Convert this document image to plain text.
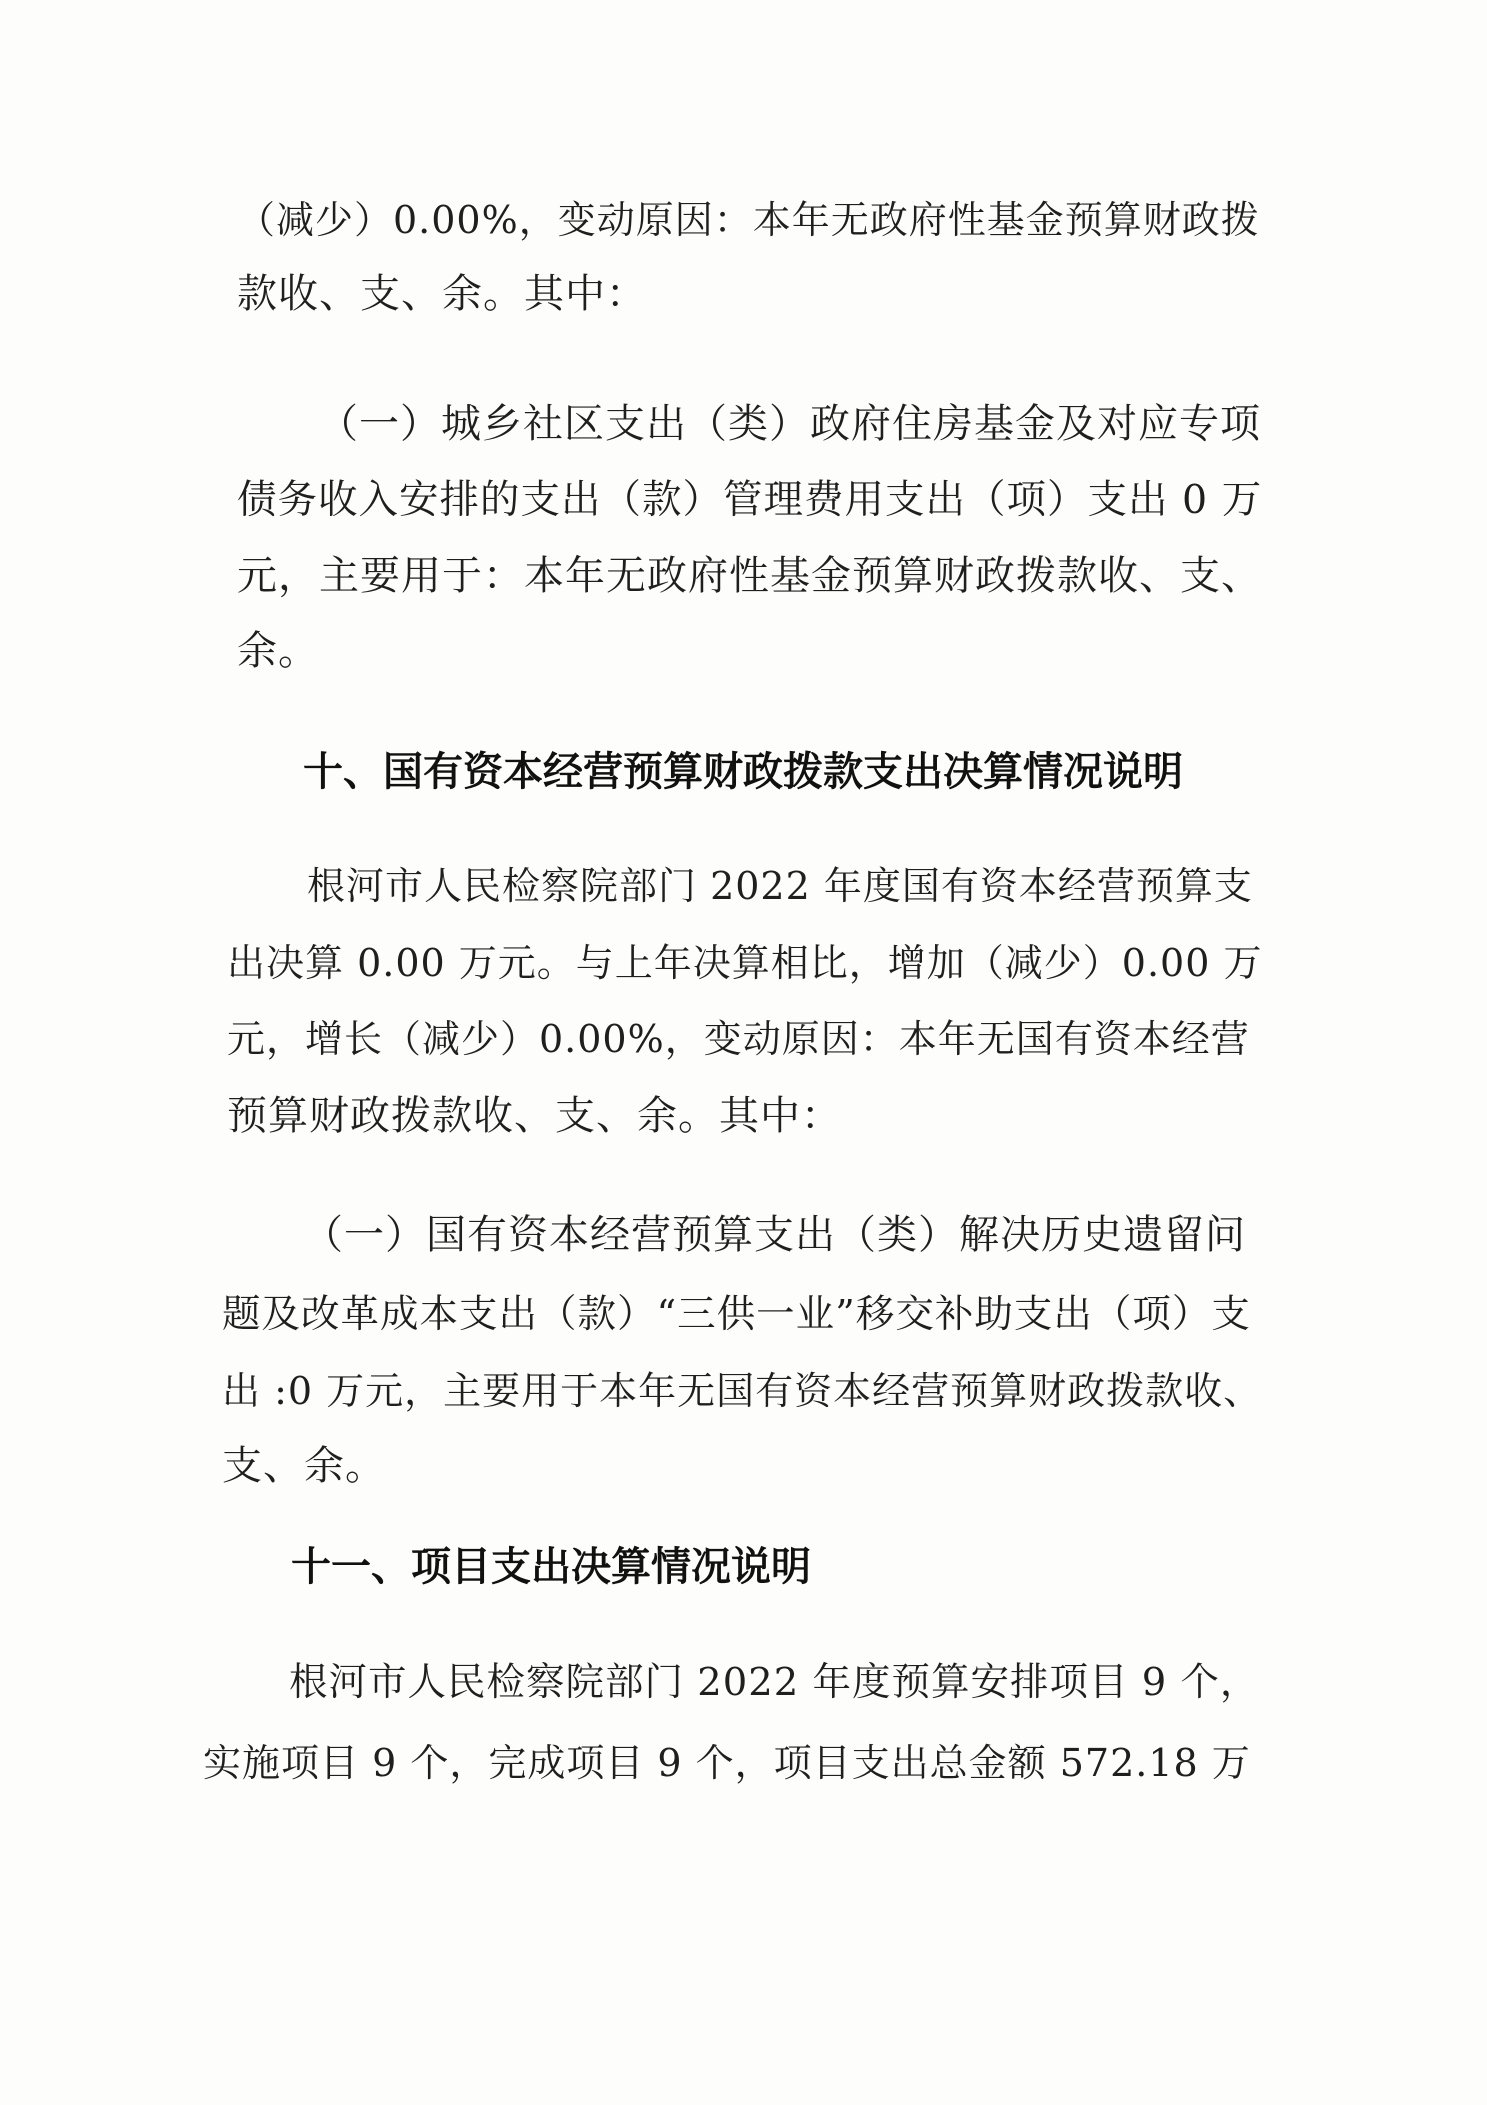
（减少）0.00%，变动原因：本年无政府性基金预算财政拨
款收、支、余。其中：
（一）城乡社区支出（类）政府住房基金及对应专项
债务收入安排的支出（款）管理费用支出（项）支出 0 万
元，主要用于：本年无政府性基金预算财政拨款收、支、
余。
十、国有资本经营预算财政拨款支出决算情况说明
根河市人民检察院部门 2022 年度国有资本经营预算支
出决算 0.00 万元。与上年决算相比，增加（减少）0.00 万
元，增长（减少）0.00%，变动原因：本年无国有资本经营
预算财政拨款收、支、余。其中：
（一）国有资本经营预算支出（类）解决历史遗留问
题及改革成本支出（款）“三供一业”移交补助支出（项）支
出 :0 万元，主要用于本年无国有资本经营预算财政拨款收、
支、余。
十一、项目支出决算情况说明
根河市人民检察院部门 2022 年度预算安排项目 9 个，
实施项目 9 个，完成项目 9 个，项目支出总金额 572.18 万
